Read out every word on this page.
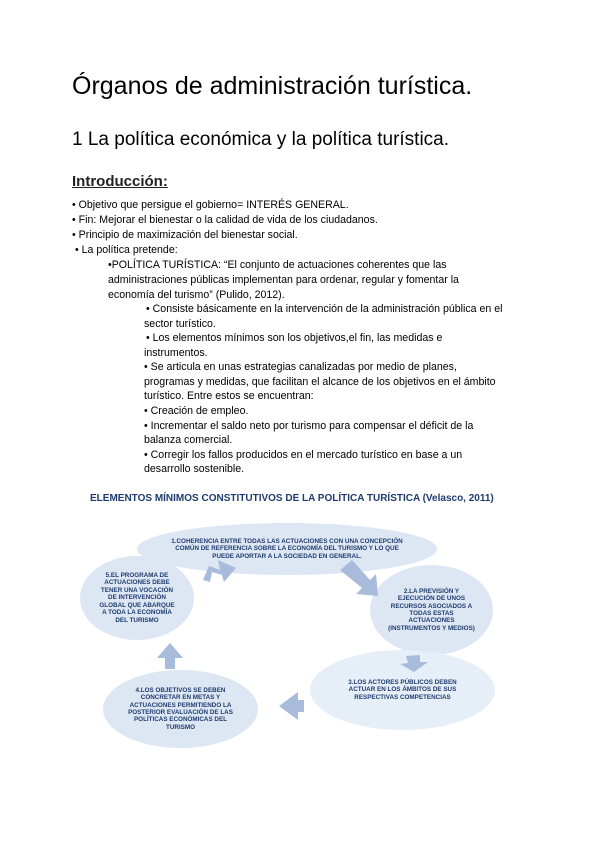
Órganos de administración turística.
1 La política económica y la política turística.
Introducción:
• Objetivo que persigue el gobierno= INTERÉS GENERAL.
• Fin: Mejorar el bienestar o la calidad de vida de los ciudadanos.
• Principio de maximización del bienestar social.
• La política pretende:
•POLÍTICA TURÍSTICA: “El conjunto de actuaciones coherentes que las
administraciones públicas implementan para ordenar, regular y fomentar la
economía del turismo” (Pulido, 2012).
• Consiste básicamente en la intervención de la administración pública en el
sector turístico.
• Los elementos mínimos son los objetivos,el fin, las medidas e
instrumentos.
• Se articula en unas estrategias canalizadas por medio de planes,
programas y medidas, que facilitan el alcance de los objetivos en el ámbito
turístico. Entre estos se encuentran:
• Creación de empleo.
• Incrementar el saldo neto por turismo para compensar el déficit de la
balanza comercial.
• Corregir los fallos producidos en el mercado turístico en base a un
desarrollo sostenible.
ELEMENTOS MÍNIMOS CONSTITUTIVOS DE LA POLÍTICA TURÍSTICA (Velasco, 2011)
1.COHERENCIA ENTRE TODAS LAS ACTUACIONES CON UNA CONCEPCIÓN COMÚN DE REFERENCIA SOBRE LA ECONOMÍA DEL TURISMO Y LO QUE PUEDE APORTAR A LA SOCIEDAD EN GENERAL.
2.LA PREVISIÓN Y EJECUCIÓN DE UNOS RECURSOS ASOCIADOS A TODAS ESTAS ACTUACIONES (INSTRUMENTOS Y MEDIOS)
3.LOS ACTORES PÚBLICOS DEBEN ACTUAR EN LOS ÁMBITOS DE SUS RESPECTIVAS COMPETENCIAS
4.LOS OBJETIVOS SE DEBEN CONCRETAR EN METAS Y ACTUACIONES PERMITIENDO LA POSTERIOR EVALUACIÓN DE LAS POLÍTICAS ECONÓMICAS DEL TURISMO
5.EL PROGRAMA DE ACTUACIONES DEBE TENER UNA VOCACIÓN DE INTERVENCIÓN GLOBAL QUE ABARQUE A TODA LA ECONOMÍA DEL TURISMO
